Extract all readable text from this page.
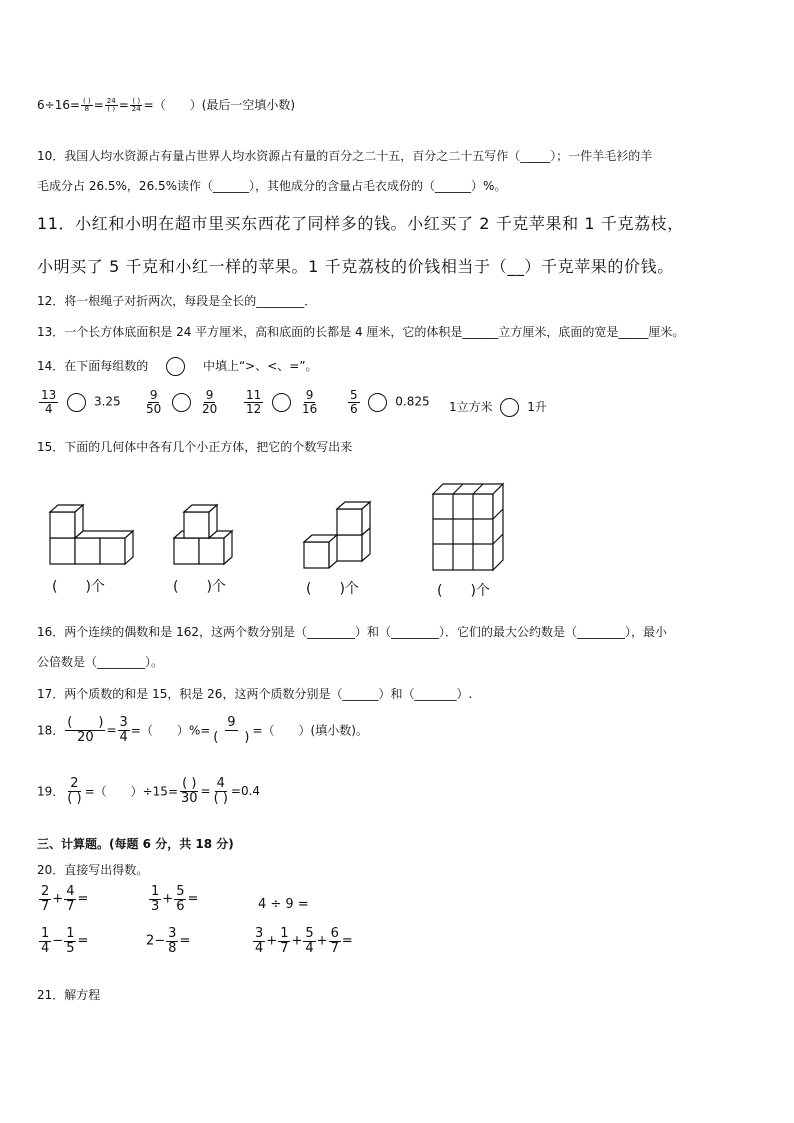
$6\div 16= \frac{( )}{8} = \frac{24}{( )} = \frac{( )}{24}$ =（　　）(最后一空填小数)
10．我国人均水资源占有量占世界人均水资源占有量的百分之二十五，百分之二十五写作（_____）；一件羊毛衫的羊
毛成分占 26.5%，26.5%读作（______），其他成分的含量占毛衣成份的（______）%。
11．小红和小明在超市里买东西花了同样多的钱。小红买了 2 千克苹果和 1 千克荔枝，
小明买了 5 千克和小红一样的苹果。1 千克荔枝的价钱相当于（__）千克苹果的价钱。
12．将一根绳子对折两次，每段是全长的________．
13．一个长方体底面积是 24 平方厘米，高和底面的长都是 4 厘米，它的体积是______立方厘米，底面的宽是_____厘米。
14．在下面每组数的	中填上“>、<、=”。
$\frac{13}{4}$	$3.25 \frac{9}{50}$
	$\frac{9}{20} \frac{11}{12}$
	$\frac{9}{16} \frac{5}{6}$	0.825 1立方米	1升
15．下面的几何体中各有几个小正方体，把它的个数写出来
(　　)个	(　　)个	(　　)个	(　　)个
16．两个连续的偶数和是 162，这两个数分别是（________）和（________）．它们的最大公约数是（________），最小
公倍数是（________）。
17．两个质数的和是 15，积是 26，这两个质数分别是（______）和（_______）.
18． $\frac{( )}{20} = \frac{3}{4}$ =（　　）%= $\frac{9}{( )}$ =（　　）(填小数)。
19． $\frac{2}{( )}$ =（　　）$\div 15= \frac{( )}{30} = \frac{4}{( )} =0.4$
三、计算题。(每题 6 分，共 18 分)
20．直接写出得数。
$\frac{2}{7} + \frac{4}{7}$ =	$\frac{1}{3} + \frac{5}{6}$ =	4 ÷ 9 =
$\frac{1}{4} - \frac{1}{5}$ =	$2- \frac{3}{8}$ =	$\frac{3}{4} + \frac{1}{7} + \frac{5}{4} + \frac{6}{7}$ =
21．解方程
